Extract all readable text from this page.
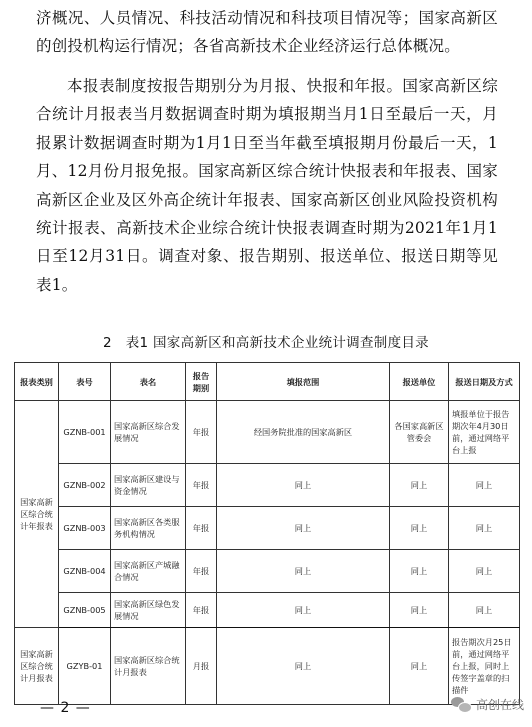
济概况、人员情况、科技活动情况和科技项目情况等；国家高新区的创投机构运行情况；各省高新技术企业经济运行总体概况。
本报表制度按报告期别分为月报、快报和年报。国家高新区综合统计月报表当月数据调查时期为填报期当月1日至最后一天，月报累计数据调查时期为1月1日至当年截至填报期月份最后一天，1月、12月份月报免报。国家高新区综合统计快报表和年报表、国家高新区企业及区外高企统计年报表、国家高新区创业风险投资机构统计报表、高新技术企业综合统计快报表调查时期为2021年1月1日至12月31日。调查对象、报告期别、报送单位、报送日期等见表1。
2　表1 国家高新区和高新技术企业统计调查制度目录
报表类别	表号	表名	报告期别	填报范围	报送单位	报送日期及方式
国家高新区综合统计年报表	GZNB-001	国家高新区综合发展情况	年报	经国务院批准的国家高新区	各国家高新区管委会	填报单位于报告期次年4月30日前，通过网络平台上报
	GZNB-002	国家高新区建设与资金情况	年报	同上	同上	同上
	GZNB-003	国家高新区各类服务机构情况	年报	同上	同上	同上
	GZNB-004	国家高新区产城融合情况	年报	同上	同上	同上
	GZNB-005	国家高新区绿色发展情况	年报	同上	同上	同上
国家高新区综合统计月报表	GZYB-01	国家高新区综合统计月报表	月报	同上	同上	报告期次月25日前，通过网络平台上报，同时上传签字盖章的扫描件
— 2 —	高创在线
